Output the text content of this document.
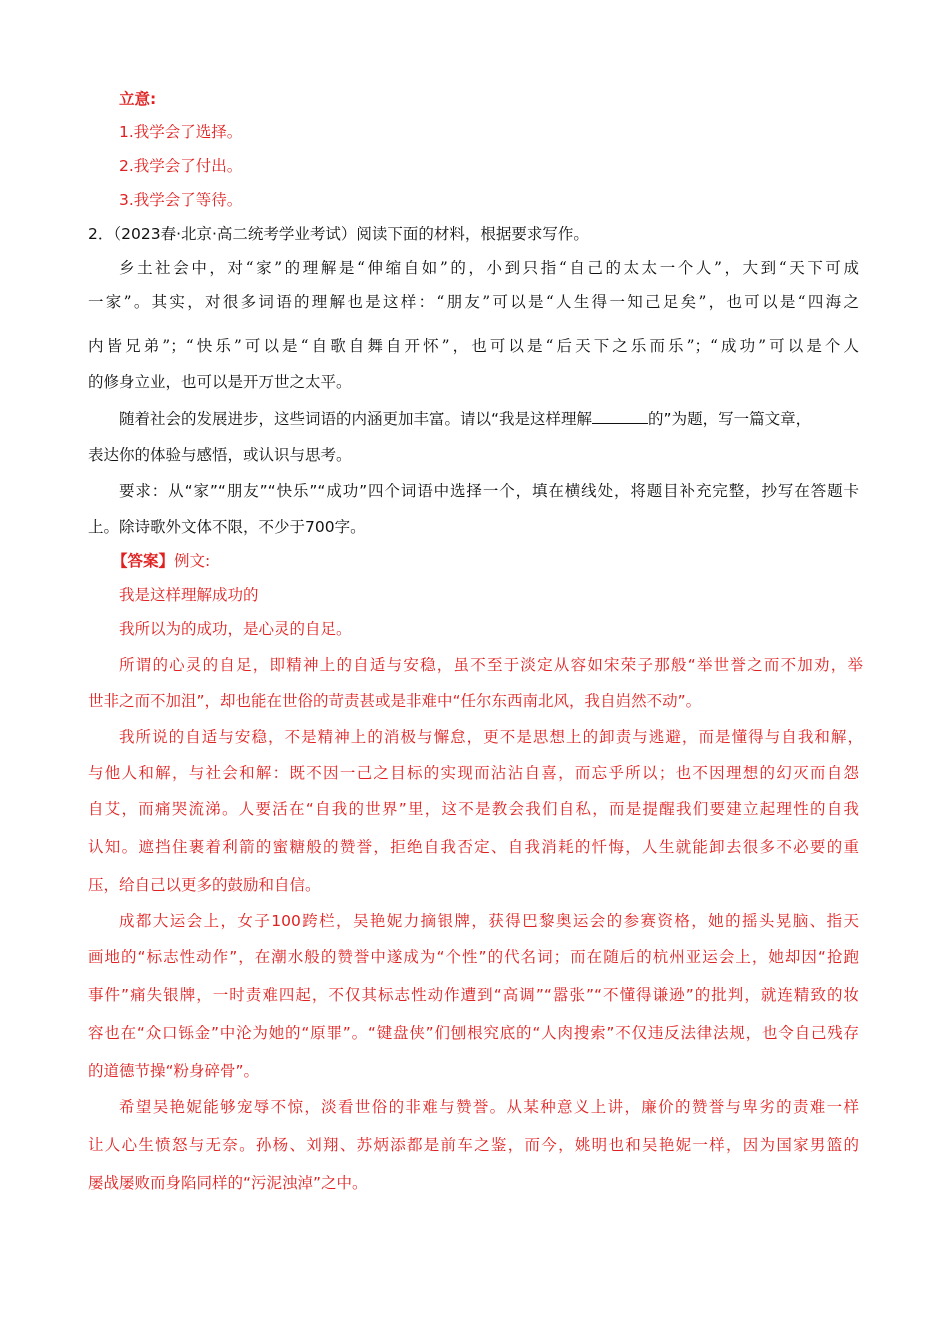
立意:
1.我学会了选择。
2.我学会了付出。
3.我学会了等待。
2．（2023春·北京·高二统考学业考试）阅读下面的材料，根据要求写作。
乡土社会中，对“家”的理解是“伸缩自如”的，小到只指“自己的太太一个人”，大到“天下可成
一家”。其实，对很多词语的理解也是这样：“朋友”可以是“人生得一知己足矣”，也可以是“四海之
内皆兄弟”；“快乐”可以是“自歌自舞自开怀”，也可以是“后天下之乐而乐”；“成功”可以是个人
的修身立业，也可以是开万世之太平。
随着社会的发展进步，这些词语的内涵更加丰富。请以“我是这样理解	的”为题，写一篇文章，
表达你的体验与感悟，或认识与思考。
要求：从“家”“朋友”“快乐”“成功”四个词语中选择一个，填在横线处，将题目补充完整，抄写在答题卡
上。除诗歌外文体不限，不少于700字。
【答案】例文:
我是这样理解成功的
我所以为的成功，是心灵的自足。
所谓的心灵的自足，即精神上的自适与安稳，虽不至于淡定从容如宋荣子那般“举世誉之而不加劝，举
世非之而不加沮”，却也能在世俗的苛责甚或是非难中“任尔东西南北风，我自岿然不动”。
我所说的自适与安稳，不是精神上的消极与懈怠，更不是思想上的卸责与逃避，而是懂得与自我和解，
与他人和解，与社会和解：既不因一己之目标的实现而沾沾自喜，而忘乎所以；也不因理想的幻灭而自怨
自艾，而痛哭流涕。人要活在“自我的世界”里，这不是教会我们自私，而是提醒我们要建立起理性的自我
认知。遮挡住裹着利箭的蜜糖般的赞誉，拒绝自我否定、自我消耗的忏悔，人生就能卸去很多不必要的重
压，给自己以更多的鼓励和自信。
成都大运会上，女子100跨栏，吴艳妮力摘银牌，获得巴黎奥运会的参赛资格，她的摇头晃脑、指天
画地的“标志性动作”，在潮水般的赞誉中遂成为“个性”的代名词；而在随后的杭州亚运会上，她却因“抢跑
事件”痛失银牌，一时责难四起，不仅其标志性动作遭到“高调”“嚣张”“不懂得谦逊”的批判，就连精致的妆
容也在“众口铄金”中沦为她的“原罪”。“键盘侠”们刨根究底的“人肉搜索”不仅违反法律法规，也令自己残存
的道德节操“粉身碎骨”。
希望吴艳妮能够宠辱不惊，淡看世俗的非难与赞誉。从某种意义上讲，廉价的赞誉与卑劣的责难一样
让人心生愤怒与无奈。孙杨、刘翔、苏炳添都是前车之鉴，而今，姚明也和吴艳妮一样，因为国家男篮的
屡战屡败而身陷同样的“污泥浊淖”之中。
